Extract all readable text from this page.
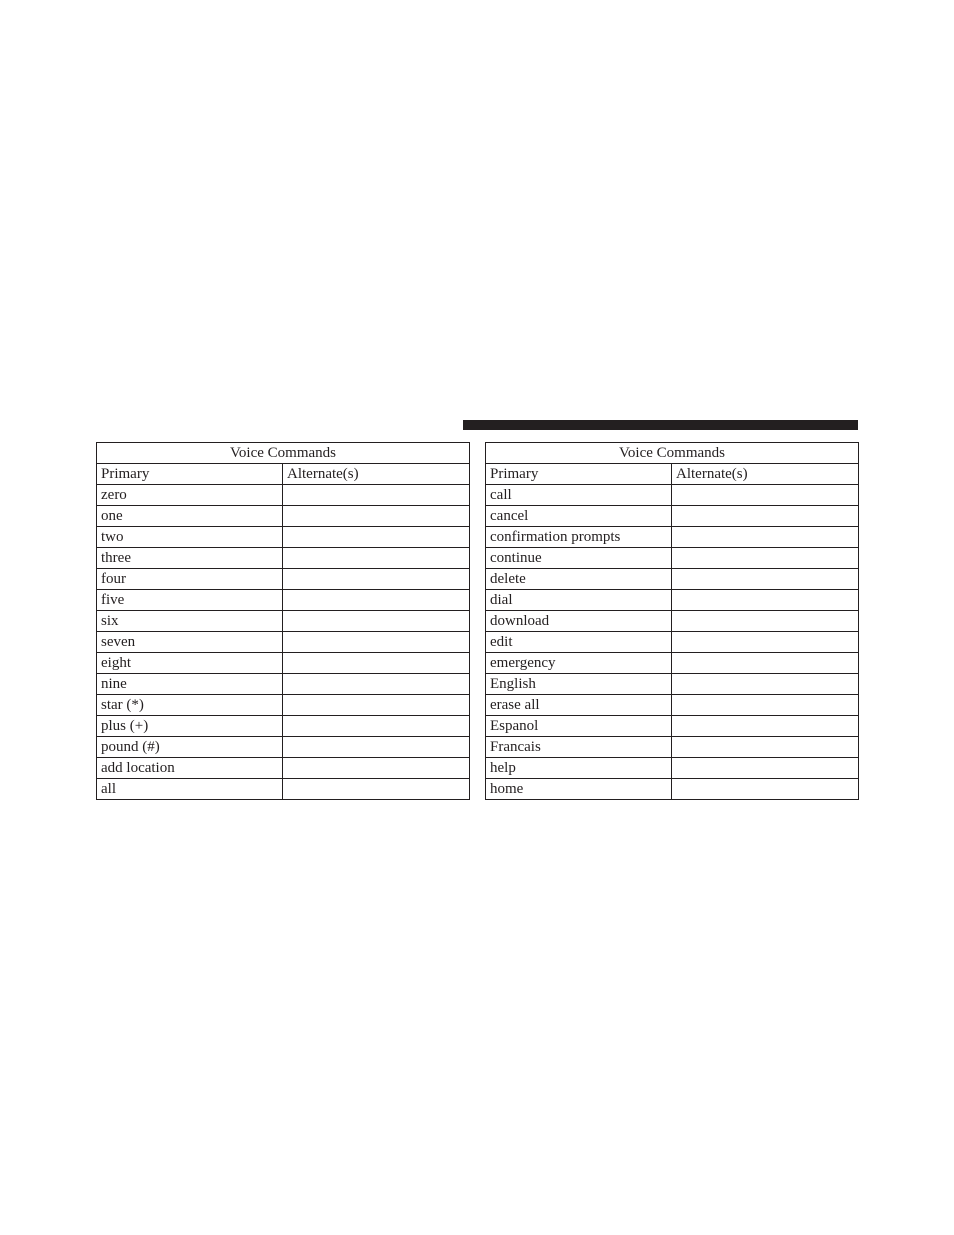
Voice Commands	
Primary	Alternate(s)
zero	
one	
two	
three	
four	
five	
six	
seven	
eight	
nine	
star (*)	
plus (+)	
pound (#)	
add location	
all	
Voice Commands	
Primary	Alternate(s)
call	
cancel	
confirmation prompts	
continue	
delete	
dial	
download	
edit	
emergency	
English	
erase all	
Espanol	
Francais	
help	
home	
